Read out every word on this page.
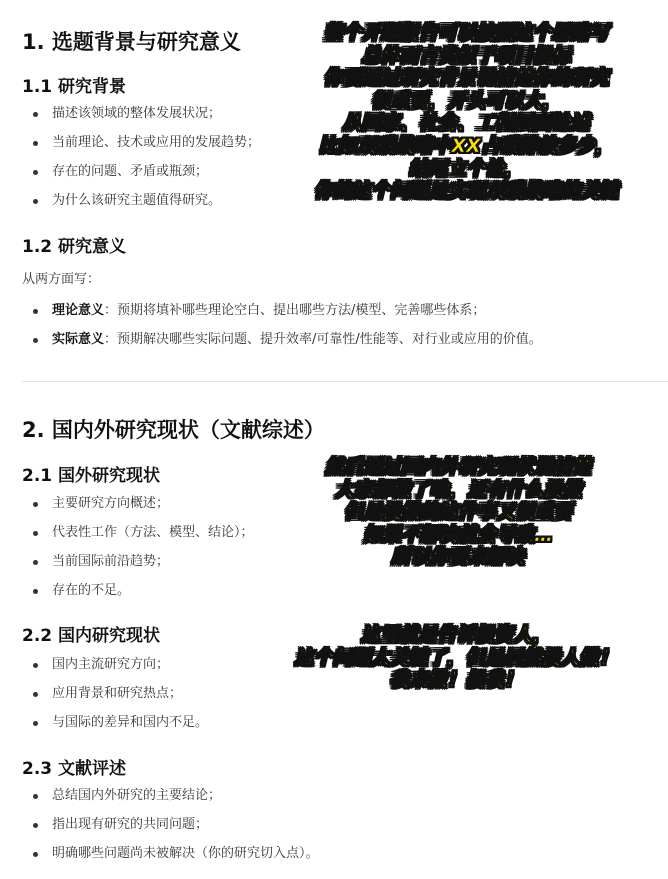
1. 选题背景与研究意义
1.1 研究背景
描述该领域的整体发展状况；
当前理论、技术或应用的发展趋势；
存在的问题、矛盾或瓶颈；
为什么该研究主题值得研究。
1.2 研究意义

从两方面写：

理论意义：预期将填补哪些理论空白、提出哪些方法/模型、完善哪些体系；
实际意义：预期解决哪些实际问题、提升效率/可靠性/性能等、对行业或应用的价值。
2. 国内外研究现状（文献综述）
2.1 国外研究现状
主要研究方向概述；
代表性工作（方法、模型、结论）；
当前国际前沿趋势；
存在的不足。
2.2 国内研究现状
国内主流研究方向；
应用背景和研究热点；
与国际的差异和国内不足。
2.3 文献评述
总结国内外研究的主要结论；
指出现有研究的共同问题；
明确哪些问题尚未被解决（你的研究切入点）。
整个开题报告可以按照这个思路写
总体而言类似于项目投标
你要通过研究背景说清楚你的研究
很重要，开头可以大，
从国家、社会、工程层面论述
比如双碳战略中XX占碳排放多少，
结尾立个论，
你的这个问题是实现双碳战略的关键
然后通过国内外研究现状说清楚
大家都做了啥，还有什么没做
但是没做的这件事又很重要
如果不解决就会导致…
所以你要来解决
这里就是告诉投资人，
这个问题太关键了，但是居然没人做！
我来做！投我！
